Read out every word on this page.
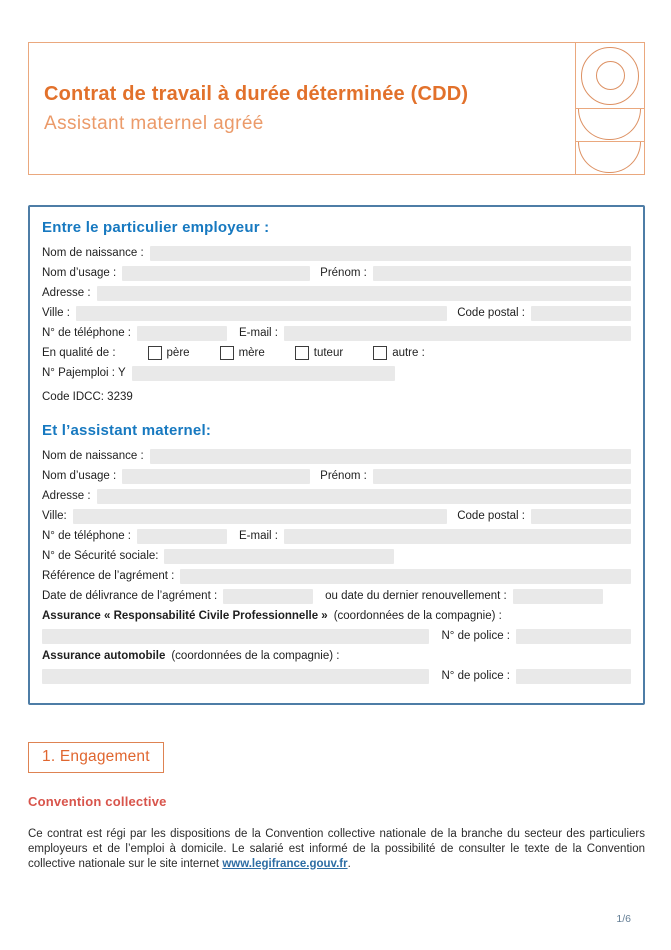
Contrat de travail à durée déterminée (CDD)
Assistant maternel agréé
Entre le particulier employeur :
Nom de naissance :
Nom d’usage :	Prénom :
Adresse :
Ville :	Code postal :
N° de téléphone :	E-mail :
En qualité de :	père	mère	tuteur	autre :
N° Pajemploi : Y
Code IDCC: 3239
Et l’assistant maternel:
Nom de naissance :
Nom d’usage :	Prénom :
Adresse :
Ville:	Code postal :
N° de téléphone :	E-mail :
N° de Sécurité sociale:
Référence de l’agrément :
Date de délivrance de l’agrément :	ou date du dernier renouvellement :
Assurance « Responsabilité Civile Professionnelle » (coordonnées de la compagnie) :
N° de police :
Assurance automobile (coordonnées de la compagnie) :
N° de police :
1. Engagement
Convention collective

Ce contrat est régi par les dispositions de la Convention collective nationale de la branche du secteur des particuliers employeurs et de l’emploi à domicile. Le salarié est informé de la possibilité de consulter le texte de la Convention collective nationale sur le site internet www.legifrance.gouv.fr.

1/6
